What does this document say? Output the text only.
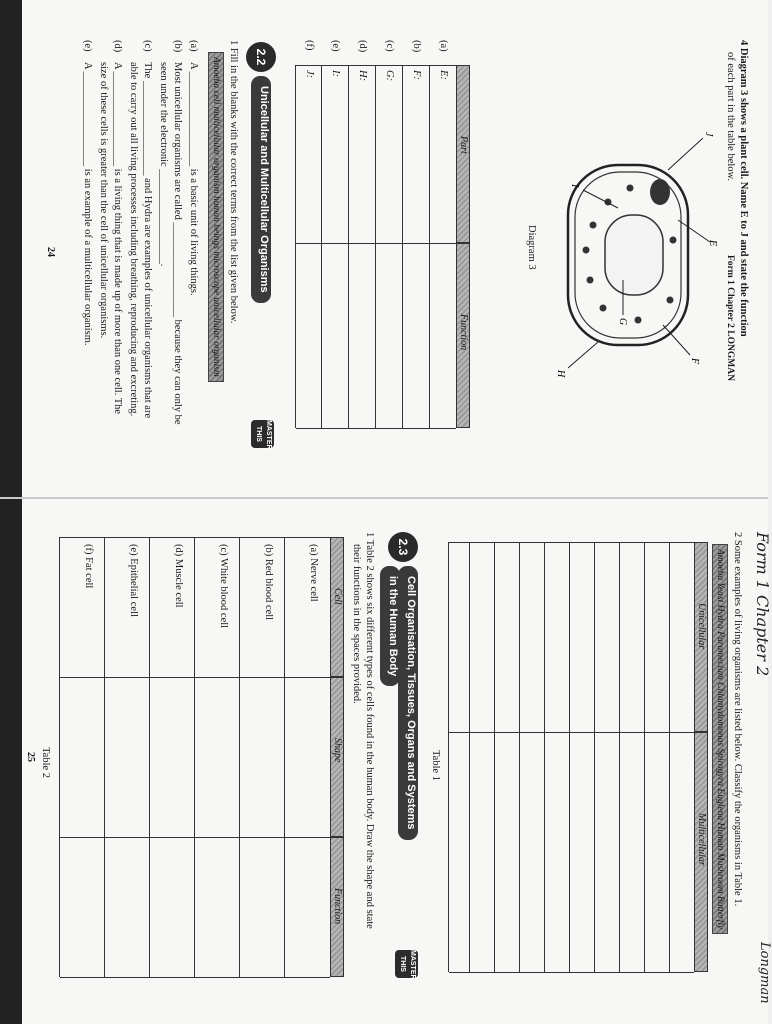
4 Diagram 3 shows a plant cell. Name E to J and state the function
of each part in the table below.
Form 1 Chapter 2 LONGMAN
E
F
G
H
I
J
Diagram 3
Part
Function
(a)
E:
(b)
F:
(c)
G:
(d)
H:
(e)
I:
(f)
J:
2.2
Unicellular and Multicellular Organisms
MASTER THIS
1 Fill in the blanks with the correct terms from the list given below.
Amoeba cell multicellular organism human beings microscope unicellular organism
(a)
A __________________ is a basic unit of living things.
(b)
Most unicellular organisms are called __________________ because they can only be
seen under the electronic __________________.
(c)
The __________________ and Hydra are examples of unicellular organisms that are
able to carry out all living processes including breathing, reproducing and excreting.
(d)
A __________________ is a living thing that is made up of more than one cell. The
size of these cells is greater than the cell of unicellular organisms.
(e)
A __________________ is an example of a multicellular organism.
24
Form 1 Chapter 2
Longman
2 Some examples of living organisms are listed below. Classify the organisms in Table 1.
Amoeba Yeast Hydra Paramecium Chlamydomonas Spirogyra Euglena Human Mushroom Butterfly
Unicellular
Multicellular
Table 1
2.3
Cell Organisation, Tissues, Organs and Systems
in the Human Body
MASTER THIS
1 Table 2 shows six different types of cells found in the human body. Draw the shape and state
their functions in the spaces provided.
Cell
Shape
Function
(a) Nerve cell
(b) Red blood cell
(c) White blood cell
(d) Muscle cell
(e) Epithelial cell
(f) Fat cell
Table 2
25
